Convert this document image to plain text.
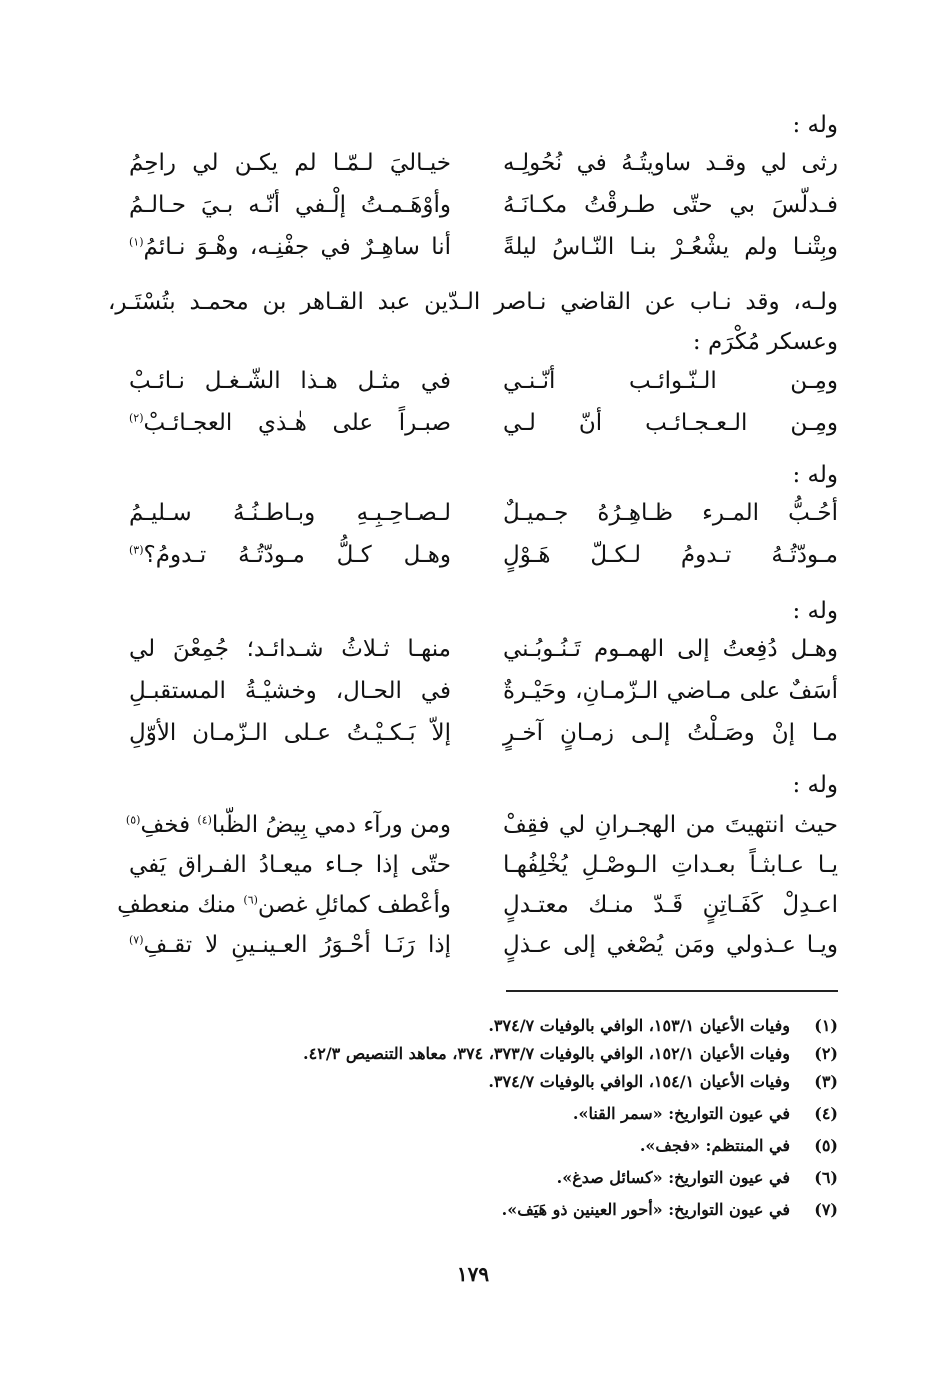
وله :
رثى لي وقـد ساويتُـهُ في نُحُولِـه
خيـاليَ لـمّـا لم يكـن لي راحِمُ
فـدلّسَ بي حتّى طـرقْتُ مكـانَـهُ
وأوْهَـمـتُ إلْـفي أنّـه بـيَ حـالـمُ
وبِتْنـا ولم يشْعُـرْ بنـا النّـاسُ ليلةً
أنا ساهِـرٌ في جفْنِـه، وهْـوَ نـائمُ$^{(١)}$
ولـه، وقد نـاب عن القاضي نـاصر الـدّين عبد القـاهر بن محمـد بتُسْتَـر، وعسكر مُكْرَم :
ومِـن الـنّـوائـب أنّـنـي
في مثـل هـذا الشّـغـل نـائـبْ
ومِـن الـعـجـائـب أنّ لـي
صبـراً على هٰـذي العجـائـبْ$^{(٢)}$
وله :
أحُـبُّ المـرء ظـاهِـرُهُ جـميـلٌ
لـصـاحِـبِـهِ وبـاطـنُـهُ سـليـمُ
مـودّتُـهُ تـدومُ لـكـلّ هَـوْلٍ
وهـل كـلُّ مـودّتُـهُ تـدومُ؟$^{(٣)}$
وله :
وهـل دُفِعتُ إلى الهمـوم تَـنُـوبُـني
منهـا ثـلاثُ شـدائـد؛ جُمِعْنَ لي
أسَفٌ على مـاضي الـزّمـانِ، وحَيْـرةٌ
في الحـال، وخشيْـةُ المستقبـلِ
مـا إنْ وصَـلْتُ إلـى زمـانٍ آخـرٍ
إلاّ بَـكـيْـتُ عـلى الـزّمـان الأوّلِ
وله :
حيث انتهيتَ من الهجـرانِ لي فقِفْ
ومن ورآء دمي بِيضُ الظّبا$^{(٤)}$ فخفِ$^{(٥)}$
يـا عـابثـاً بعـداتِ الـوصْـلِ يُخْلِفُهـا
حتّى إذا جـاء ميعـادُ الفـراق يَفي
اعـدِلْ كَفَـاتِنٍ قَـدّ منـك معتـدلٍ
وأعْطف كمائلِ غصن$^{(٦)}$ منك منعطفِ
ويـا عـذولي ومَن يُصْغي إلى عـذلٍ
إذا رَنَـا أحْـوَرُ العـينـينِ لا تقـفِ$^{(٧)}$
(١)وفيات الأعيان ١٥٣/١، الوافي بالوفيات ٣٧٤/٧.
(٢)وفيات الأعيان ١٥٢/١، الوافي بالوفيات ٣٧٣/٧، ٣٧٤، معاهد التنصيص ٤٢/٣.
(٣)وفيات الأعيان ١٥٤/١، الوافي بالوفيات ٣٧٤/٧.
(٤)في عيون التواريخ: «سمر القنا».
(٥)في المنتظم: «فجف».
(٦)في عيون التواريخ: «كسائل صدغ».
(٧)في عيون التواريخ: «أحور العينين ذو هَيَف».
١٧٩
